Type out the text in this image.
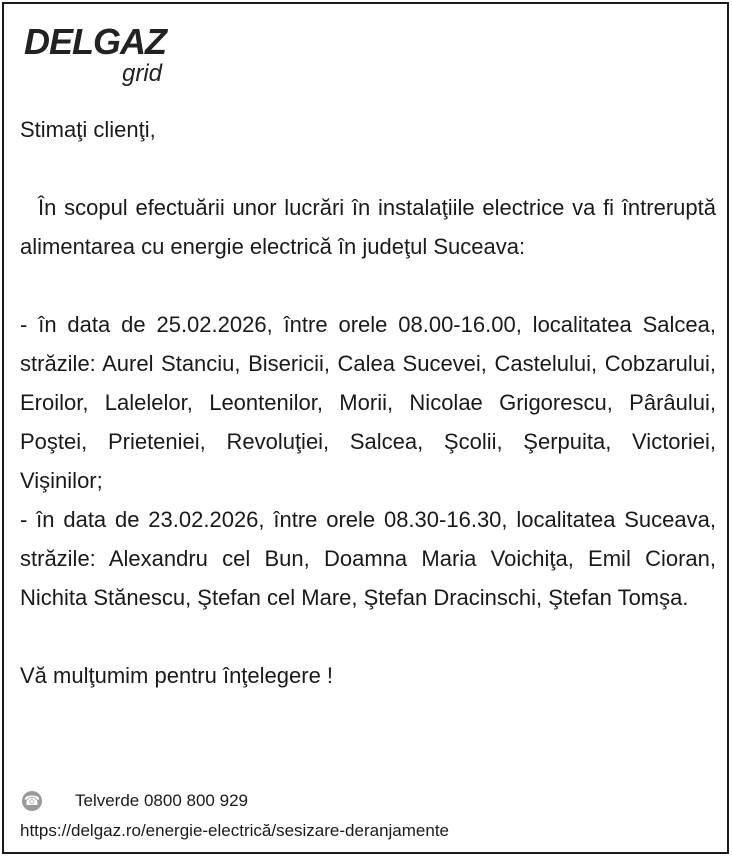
DELGAZ
grid

Stimaţi clienţi,

În scopul efectuării unor lucrări în instalaţiile electrice va fi întreruptă alimentarea cu energie electrică în judeţul Suceava:

- în data de 25.02.2026, între orele 08.00-16.00, localitatea Salcea, străzile: Aurel Stanciu, Bisericii, Calea Sucevei, Castelului, Cobzarului, Eroilor, Lalelelor, Leontenilor, Morii, Nicolae Grigorescu, Pârâului, Poştei, Prieteniei, Revoluţiei, Salcea, Şcolii, Şerpuita, Victoriei, Vişinilor;

- în data de 23.02.2026, între orele 08.30-16.30, localitatea Suceava, străzile: Alexandru cel Bun, Doamna Maria Voichiţa, Emil Cioran, Nichita Stănescu, Ştefan cel Mare, Ştefan Dracinschi, Ştefan Tomşa.

Vă mulţumim pentru înţelegere !

☎ Telverde 0800 800 929
https://delgaz.ro/energie-electrică/sesizare-deranjamente
